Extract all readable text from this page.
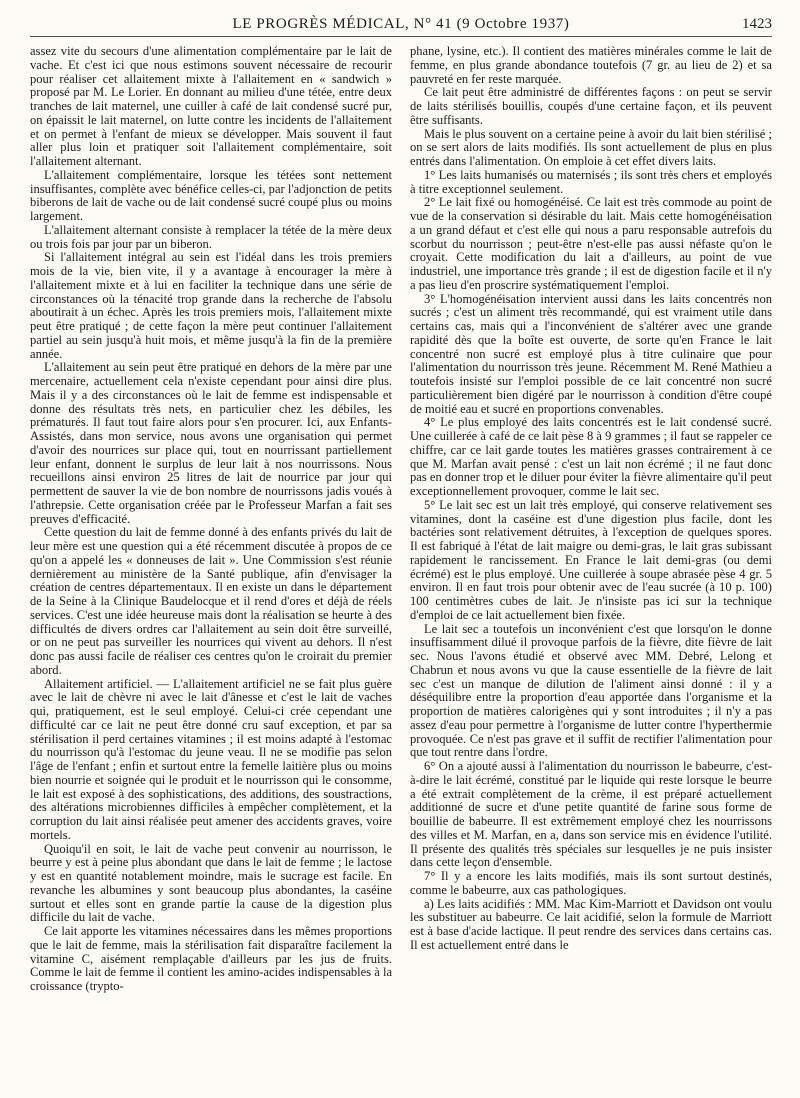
LE PROGRÈS MÉDICAL, N° 41 (9 Octobre 1937)	1423

assez vite du secours d'une alimentation complémentaire par le lait de vache. Et c'est ici que nous estimons souvent nécessaire de recourir pour réaliser cet allaitement mixte à l'allaitement en « sandwich » proposé par M. Le Lorier. En donnant au milieu d'une tétée, entre deux tranches de lait maternel, une cuiller à café de lait condensé sucré pur, on épaissit le lait maternel, on lutte contre les incidents de l'allaitement et on permet à l'enfant de mieux se développer. Mais souvent il faut aller plus loin et pratiquer soit l'allaitement complémentaire, soit l'allaitement alternant.

L'allaitement complémentaire, lorsque les tétées sont nettement insuffisantes, complète avec bénéfice celles-ci, par l'adjonction de petits biberons de lait de vache ou de lait condensé sucré coupé plus ou moins largement.

L'allaitement alternant consiste à remplacer la tétée de la mère deux ou trois fois par jour par un biberon.

Si l'allaitement intégral au sein est l'idéal dans les trois premiers mois de la vie, bien vite, il y a avantage à encourager la mère à l'allaitement mixte et à lui en faciliter la technique dans une série de circonstances où la ténacité trop grande dans la recherche de l'absolu aboutirait à un échec. Après les trois premiers mois, l'allaitement mixte peut être pratiqué ; de cette façon la mère peut continuer l'allaitement partiel au sein jusqu'à huit mois, et même jusqu'à la fin de la première année.

L'allaitement au sein peut être pratiqué en dehors de la mère par une mercenaire, actuellement cela n'existe cependant pour ainsi dire plus. Mais il y a des circonstances où le lait de femme est indispensable et donne des résultats très nets, en particulier chez les débiles, les prématurés. Il faut tout faire alors pour s'en procurer. Ici, aux Enfants-Assistés, dans mon service, nous avons une organisation qui permet d'avoir des nourrices sur place qui, tout en nourrissant partiellement leur enfant, donnent le surplus de leur lait à nos nourrissons. Nous recueillons ainsi environ 25 litres de lait de nourrice par jour qui permettent de sauver la vie de bon nombre de nourrissons jadis voués à l'athrepsie. Cette organisation créée par le Professeur Marfan a fait ses preuves d'efficacité.

Cette question du lait de femme donné à des enfants privés du lait de leur mère est une question qui a été récemment discutée à propos de ce qu'on a appelé les « donneuses de lait ». Une Commission s'est réunie dernièrement au ministère de la Santé publique, afin d'envisager la création de centres départementaux. Il en existe un dans le département de la Seine à la Clinique Baudelocque et il rend d'ores et déjà de réels services. C'est une idée heureuse mais dont la réalisation se heurte à des difficultés de divers ordres car l'allaitement au sein doit être surveillé, or on ne peut pas surveiller les nourrices qui vivent au dehors. Il n'est donc pas aussi facile de réaliser ces centres qu'on le croirait du premier abord.

Allaitement artificiel. — L'allaitement artificiel ne se fait plus guère avec le lait de chèvre ni avec le lait d'ânesse et c'est le lait de vaches qui, pratiquement, est le seul employé. Celui-ci crée cependant une difficulté car ce lait ne peut être donné cru sauf exception, et par sa stérilisation il perd certaines vitamines ; il est moins adapté à l'estomac du nourrisson qu'à l'estomac du jeune veau. Il ne se modifie pas selon l'âge de l'enfant ; enfin et surtout entre la femelle laitière plus ou moins bien nourrie et soignée qui le produit et le nourrisson qui le consomme, le lait est exposé à des sophistications, des additions, des soustractions, des altérations microbiennes difficiles à empêcher complètement, et la corruption du lait ainsi réalisée peut amener des accidents graves, voire mortels.

Quoiqu'il en soit, le lait de vache peut convenir au nourrisson, le beurre y est à peine plus abondant que dans le lait de femme ; le lactose y est en quantité notablement moindre, mais le sucrage est facile. En revanche les albumines y sont beaucoup plus abondantes, la caséine surtout et elles sont en grande partie la cause de la digestion plus difficile du lait de vache.

Ce lait apporte les vitamines nécessaires dans les mêmes proportions que le lait de femme, mais la stérilisation fait disparaître facilement la vitamine C, aisément remplaçable d'ailleurs par les jus de fruits. Comme le lait de femme il contient les amino-acides indispensables à la croissance (trypto-

phane, lysine, etc.). Il contient des matières minérales comme le lait de femme, en plus grande abondance toutefois (7 gr. au lieu de 2) et sa pauvreté en fer reste marquée.

Ce lait peut être administré de différentes façons : on peut se servir de laits stérilisés bouillis, coupés d'une certaine façon, et ils peuvent être suffisants.

Mais le plus souvent on a certaine peine à avoir du lait bien stérilisé ; on se sert alors de laits modifiés. Ils sont actuellement de plus en plus entrés dans l'alimentation. On emploie à cet effet divers laits.

1° Les laits humanisés ou maternisés ; ils sont très chers et employés à titre exceptionnel seulement.

2° Le lait fixé ou homogénéisé. Ce lait est très commode au point de vue de la conservation si désirable du lait. Mais cette homogénéisation a un grand défaut et c'est elle qui nous a paru responsable autrefois du scorbut du nourrisson ; peut-être n'est-elle pas aussi néfaste qu'on le croyait. Cette modification du lait a d'ailleurs, au point de vue industriel, une importance très grande ; il est de digestion facile et il n'y a pas lieu d'en proscrire systématiquement l'emploi.

3° L'homogénéisation intervient aussi dans les laits concentrés non sucrés ; c'est un aliment très recommandé, qui est vraiment utile dans certains cas, mais qui a l'inconvénient de s'altérer avec une grande rapidité dès que la boîte est ouverte, de sorte qu'en France le lait concentré non sucré est employé plus à titre culinaire que pour l'alimentation du nourrisson très jeune. Récemment M. René Mathieu a toutefois insisté sur l'emploi possible de ce lait concentré non sucré particulièrement bien digéré par le nourrisson à condition d'être coupé de moitié eau et sucré en proportions convenables.

4° Le plus employé des laits concentrés est le lait condensé sucré. Une cuillerée à café de ce lait pèse 8 à 9 grammes ; il faut se rappeler ce chiffre, car ce lait garde toutes les matières grasses contrairement à ce que M. Marfan avait pensé : c'est un lait non écrémé ; il ne faut donc pas en donner trop et le diluer pour éviter la fièvre alimentaire qu'il peut exceptionnellement provoquer, comme le lait sec.

5° Le lait sec est un lait très employé, qui conserve relativement ses vitamines, dont la caséine est d'une digestion plus facile, dont les bactéries sont relativement détruites, à l'exception de quelques spores. Il est fabriqué à l'état de lait maigre ou demi-gras, le lait gras subissant rapidement le rancissement. En France le lait demi-gras (ou demi écrémé) est le plus employé. Une cuillerée à soupe abrasée pèse 4 gr. 5 environ. Il en faut trois pour obtenir avec de l'eau sucrée (à 10 p. 100) 100 centimètres cubes de lait. Je n'insiste pas ici sur la technique d'emploi de ce lait actuellement bien fixée.

Le lait sec a toutefois un inconvénient c'est que lorsqu'on le donne insuffisamment dilué il provoque parfois de la fièvre, dite fièvre de lait sec. Nous l'avons étudié et observé avec MM. Debré, Lelong et Chabrun et nous avons vu que la cause essentielle de la fièvre de lait sec c'est un manque de dilution de l'aliment ainsi donné : il y a déséquilibre entre la proportion d'eau apportée dans l'organisme et la proportion de matières calorigènes qui y sont introduites ; il n'y a pas assez d'eau pour permettre à l'organisme de lutter contre l'hyperthermie provoquée. Ce n'est pas grave et il suffit de rectifier l'alimentation pour que tout rentre dans l'ordre.

6° On a ajouté aussi à l'alimentation du nourrisson le babeurre, c'est-à-dire le lait écrémé, constitué par le liquide qui reste lorsque le beurre a été extrait complètement de la crème, il est préparé actuellement additionné de sucre et d'une petite quantité de farine sous forme de bouillie de babeurre. Il est extrêmement employé chez les nourrissons des villes et M. Marfan, en a, dans son service mis en évidence l'utilité. Il présente des qualités très spéciales sur lesquelles je ne puis insister dans cette leçon d'ensemble.

7° Il y a encore les laits modifiés, mais ils sont surtout destinés, comme le babeurre, aux cas pathologiques.

a) Les laits acidifiés : MM. Mac Kim-Marriott et Davidson ont voulu les substituer au babeurre. Ce lait acidifié, selon la formule de Marriott est à base d'acide lactique. Il peut rendre des services dans certains cas. Il est actuellement entré dans le
